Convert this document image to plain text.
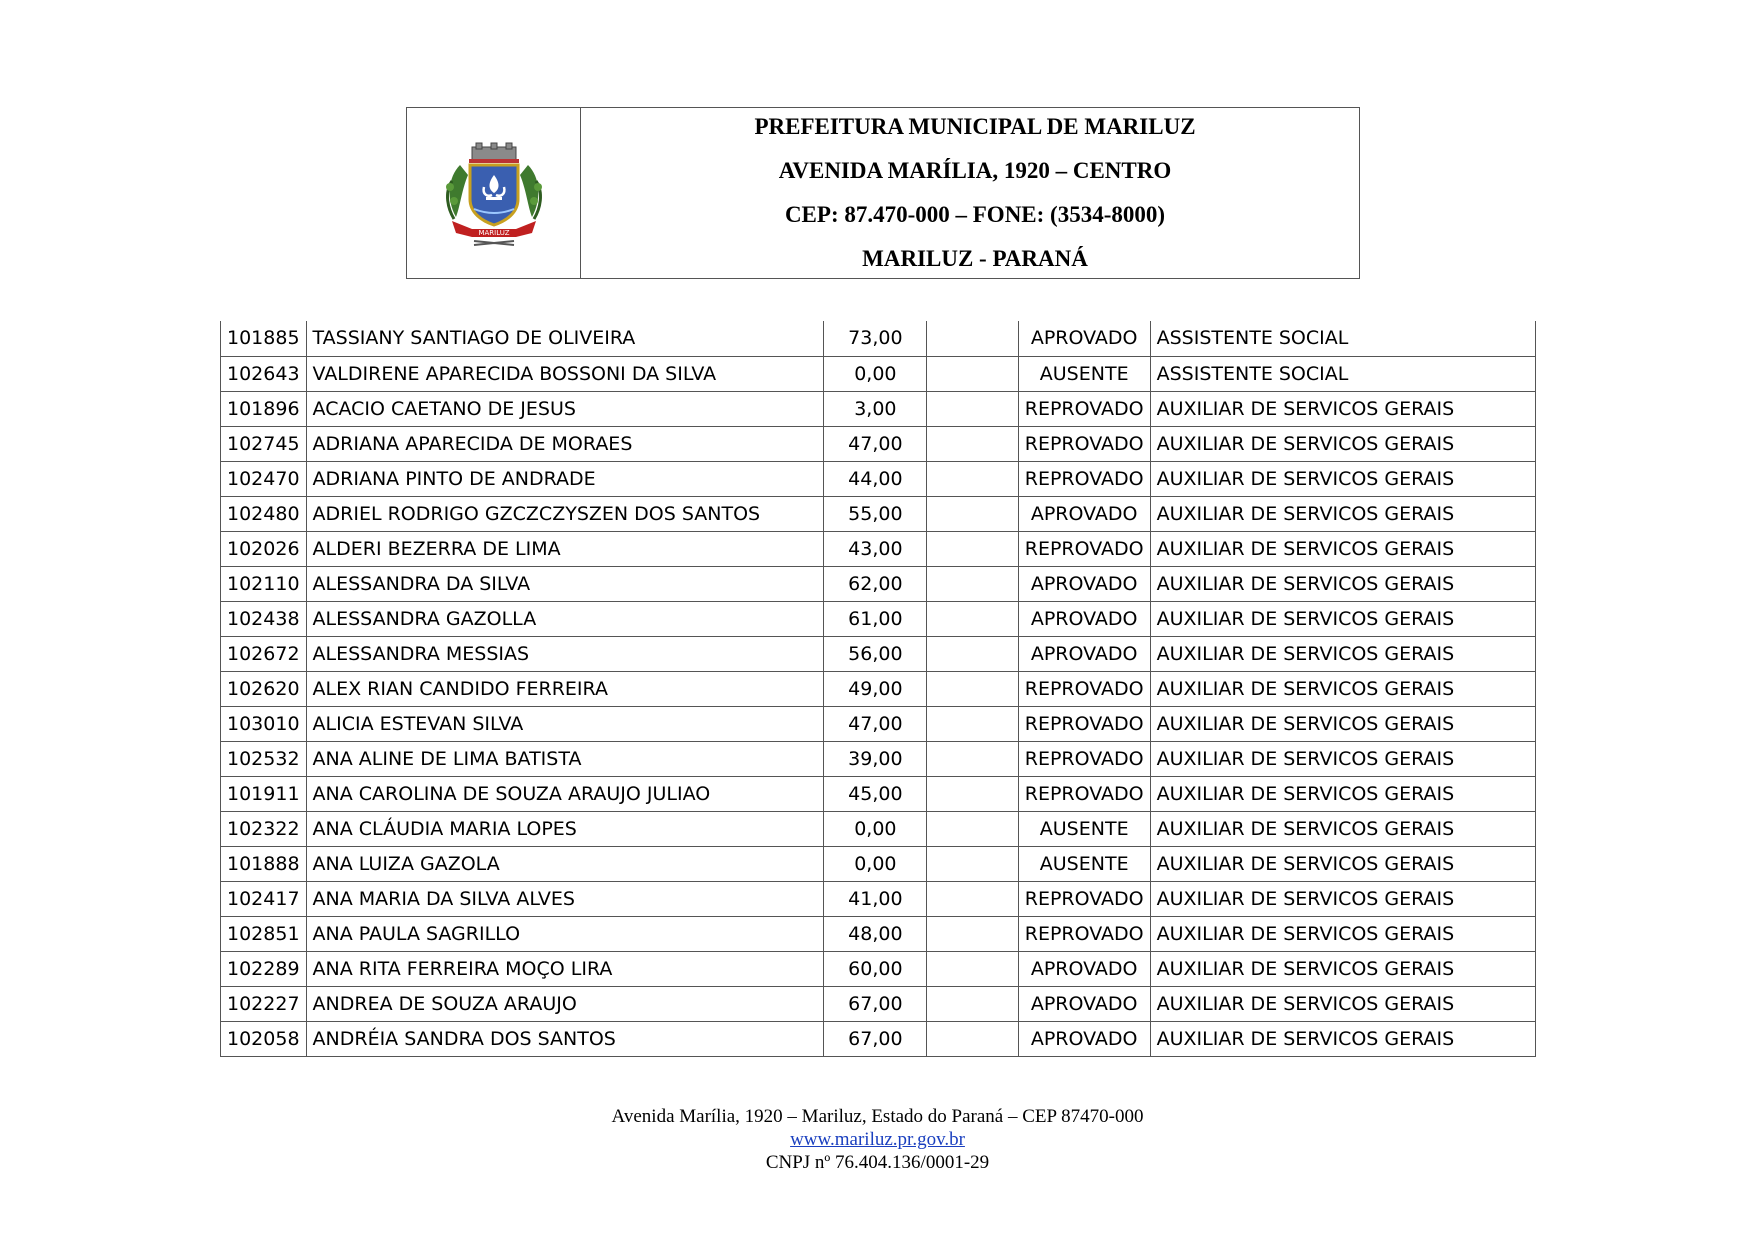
MARILUZ
PREFEITURA MUNICIPAL DE MARILUZ
AVENIDA MARÍLIA, 1920 – CENTRO
CEP: 87.470-000 – FONE: (3534-8000)
MARILUZ - PARANÁ
101885	TASSIANY SANTIAGO DE OLIVEIRA	73,00		APROVADO	ASSISTENTE SOCIAL
102643	VALDIRENE APARECIDA BOSSONI DA SILVA	0,00		AUSENTE	ASSISTENTE SOCIAL
101896	ACACIO CAETANO DE JESUS	3,00		REPROVADO	AUXILIAR DE SERVICOS GERAIS
102745	ADRIANA APARECIDA DE MORAES	47,00		REPROVADO	AUXILIAR DE SERVICOS GERAIS
102470	ADRIANA PINTO DE ANDRADE	44,00		REPROVADO	AUXILIAR DE SERVICOS GERAIS
102480	ADRIEL RODRIGO GZCZCZYSZEN DOS SANTOS	55,00		APROVADO	AUXILIAR DE SERVICOS GERAIS
102026	ALDERI BEZERRA DE LIMA	43,00		REPROVADO	AUXILIAR DE SERVICOS GERAIS
102110	ALESSANDRA DA SILVA	62,00		APROVADO	AUXILIAR DE SERVICOS GERAIS
102438	ALESSANDRA GAZOLLA	61,00		APROVADO	AUXILIAR DE SERVICOS GERAIS
102672	ALESSANDRA MESSIAS	56,00		APROVADO	AUXILIAR DE SERVICOS GERAIS
102620	ALEX RIAN CANDIDO FERREIRA	49,00		REPROVADO	AUXILIAR DE SERVICOS GERAIS
103010	ALICIA ESTEVAN SILVA	47,00		REPROVADO	AUXILIAR DE SERVICOS GERAIS
102532	ANA ALINE DE LIMA BATISTA	39,00		REPROVADO	AUXILIAR DE SERVICOS GERAIS
101911	ANA CAROLINA DE SOUZA ARAUJO JULIAO	45,00		REPROVADO	AUXILIAR DE SERVICOS GERAIS
102322	ANA CLÁUDIA MARIA LOPES	0,00		AUSENTE	AUXILIAR DE SERVICOS GERAIS
101888	ANA LUIZA GAZOLA	0,00		AUSENTE	AUXILIAR DE SERVICOS GERAIS
102417	ANA MARIA DA SILVA ALVES	41,00		REPROVADO	AUXILIAR DE SERVICOS GERAIS
102851	ANA PAULA SAGRILLO	48,00		REPROVADO	AUXILIAR DE SERVICOS GERAIS
102289	ANA RITA FERREIRA MOÇO LIRA	60,00		APROVADO	AUXILIAR DE SERVICOS GERAIS
102227	ANDREA DE SOUZA ARAUJO	67,00		APROVADO	AUXILIAR DE SERVICOS GERAIS
102058	ANDRÉIA SANDRA DOS SANTOS	67,00		APROVADO	AUXILIAR DE SERVICOS GERAIS
Avenida Marília, 1920 – Mariluz, Estado do Paraná – CEP 87470-000
www.mariluz.pr.gov.br
CNPJ nº 76.404.136/0001-29
